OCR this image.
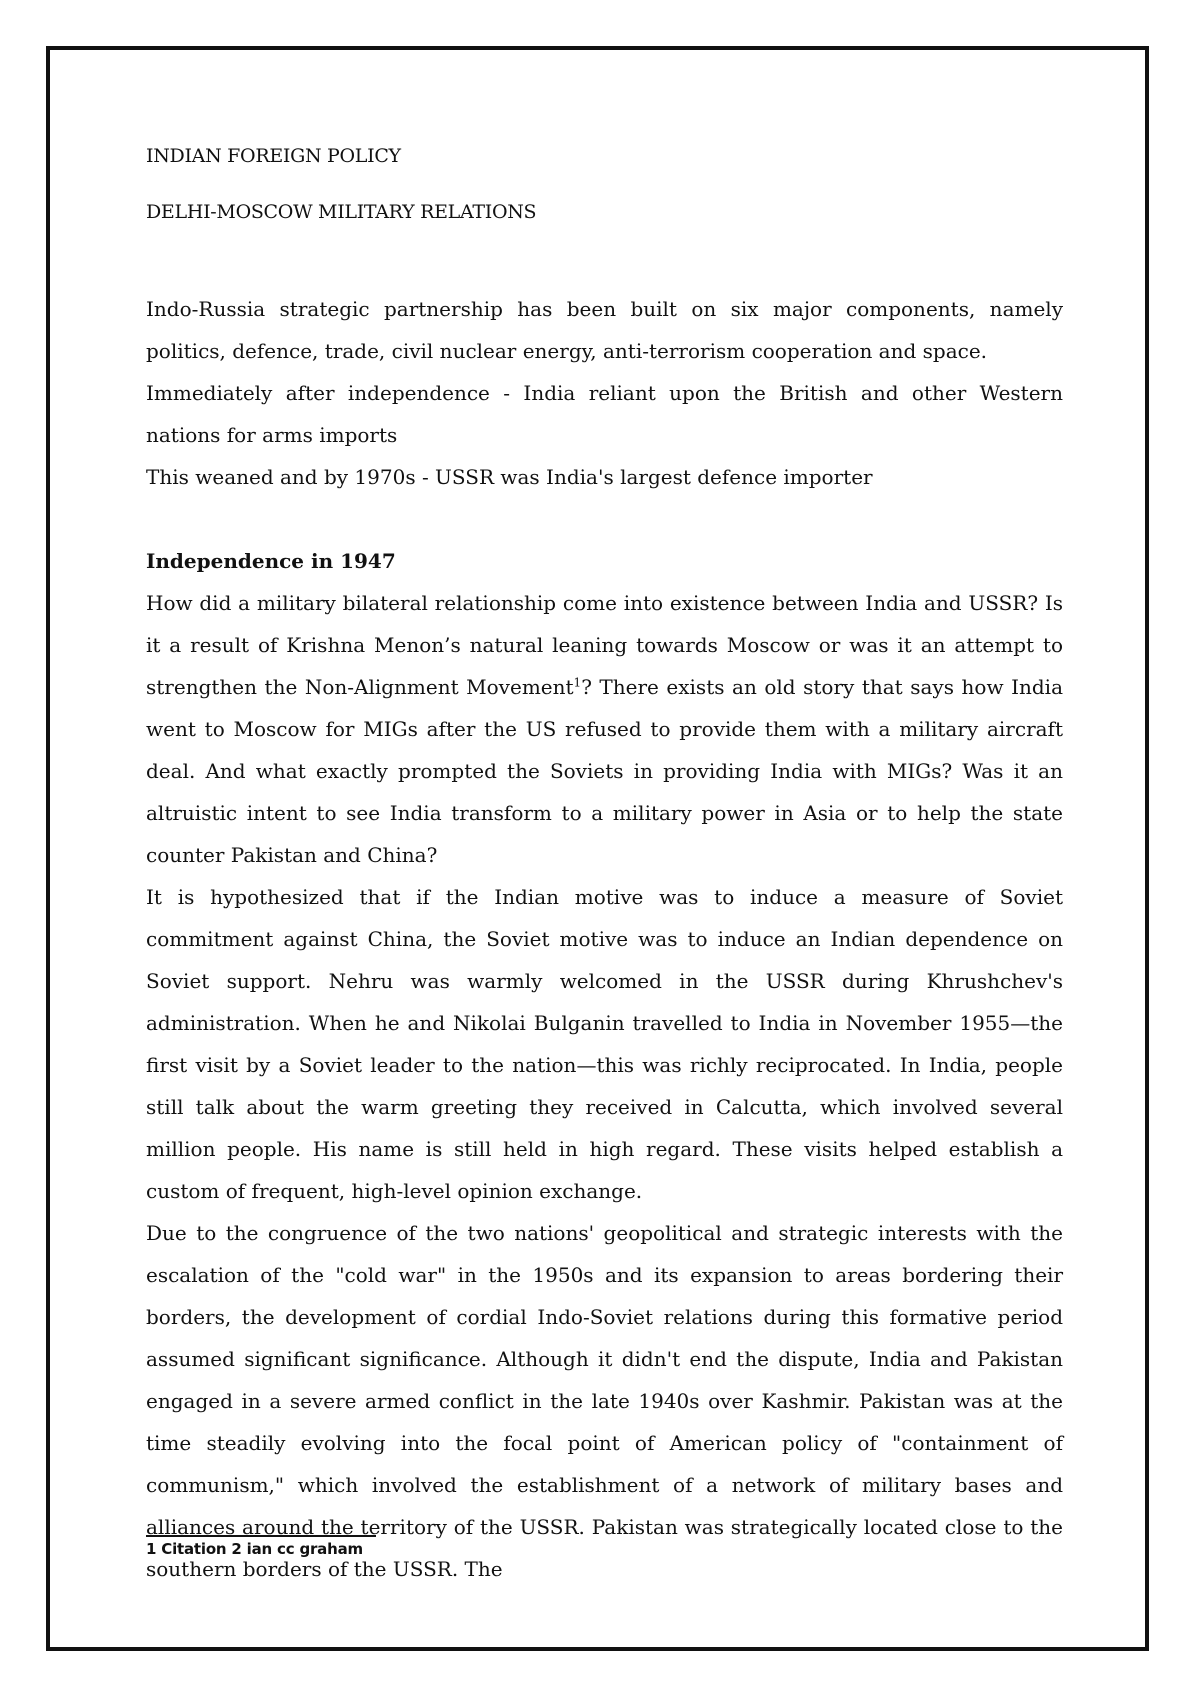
INDIAN FOREIGN POLICY
DELHI-MOSCOW MILITARY RELATIONS

Indo-Russia strategic partnership has been built on six major components, namely politics, defence, trade, civil nuclear energy, anti-terrorism cooperation and space.

Immediately after independence - India reliant upon the British and other Western nations for arms imports

This weaned and by 1970s - USSR was India's largest defence importer

Independence in 1947

How did a military bilateral relationship come into existence between India and USSR? Is it a result of Krishna Menon’s natural leaning towards Moscow or was it an attempt to strengthen the Non-Alignment Movement$^1$? There exists an old story that says how India went to Moscow for MIGs after the US refused to provide them with a military aircraft deal. And what exactly prompted the Soviets in providing India with MIGs? Was it an altruistic intent to see India transform to a military power in Asia or to help the state counter Pakistan and China?

It is hypothesized that if the Indian motive was to induce a measure of Soviet commitment against China, the Soviet motive was to induce an Indian dependence on Soviet support. Nehru was warmly welcomed in the USSR during Khrushchev's administration. When he and Nikolai Bulganin travelled to India in November 1955—the first visit by a Soviet leader to the nation—this was richly reciprocated. In India, people still talk about the warm greeting they received in Calcutta, which involved several million people. His name is still held in high regard. These visits helped establish a custom of frequent, high-level opinion exchange.

Due to the congruence of the two nations' geopolitical and strategic interests with the escalation of the "cold war" in the 1950s and its expansion to areas bordering their borders, the development of cordial Indo-Soviet relations during this formative period assumed significant significance. Although it didn't end the dispute, India and Pakistan engaged in a severe armed conflict in the late 1940s over Kashmir. Pakistan was at the time steadily evolving into the focal point of American policy of "containment of communism," which involved the establishment of a network of military bases and alliances around the territory of the USSR. Pakistan was strategically located close to the southern borders of the USSR. The

1 Citation 2 ian cc graham
